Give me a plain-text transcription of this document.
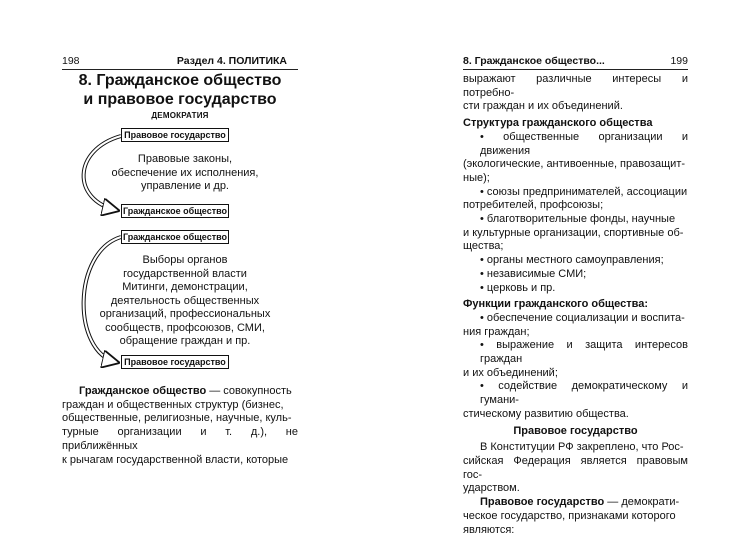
198	Раздел 4. ПОЛИТИКА
8. Гражданское общество
и правовое государство
ДЕМОКРАТИЯ
Правовое государство
Правовые законы,
обеспечение их исполнения,
управление и др.
Гражданское общество
Гражданское общество
Выборы органов
государственной власти
Митинги, демонстрации,
деятельность общественных
организаций, профессиональных
сообществ, профсоюзов, СМИ,
обращение граждан и пр.
Правовое государство

Гражданское общество — совокупность

граждан и общественных структур (бизнес,

общественные, религиозные, научные, куль-

турные организации и т. д.), не приближённых

к рычагам государственной власти, которые

8. Гражданское общество...	199

выражают различные интересы и потребно-

сти граждан и их объединений.

Структура гражданского общества

• общественные организации и движения

(экологические, антивоенные, правозащит-

ные);

• союзы предпринимателей, ассоциации

потребителей, профсоюзы;

• благотворительные фонды, научные

и культурные организации, спортивные об-

щества;

• органы местного самоуправления;

• независимые СМИ;

• церковь и пр.

Функции гражданского общества:

• обеспечение социализации и воспита-

ния граждан;

• выражение и защита интересов граждан

и их объединений;

• содействие демократическому и гумани-

стическому развитию общества.

Правовое государство

В Конституции РФ закреплено, что Рос-

сийская Федерация является правовым гос-

ударством.

Правовое государство — демократи-

ческое государство, признаками которого

являются:
